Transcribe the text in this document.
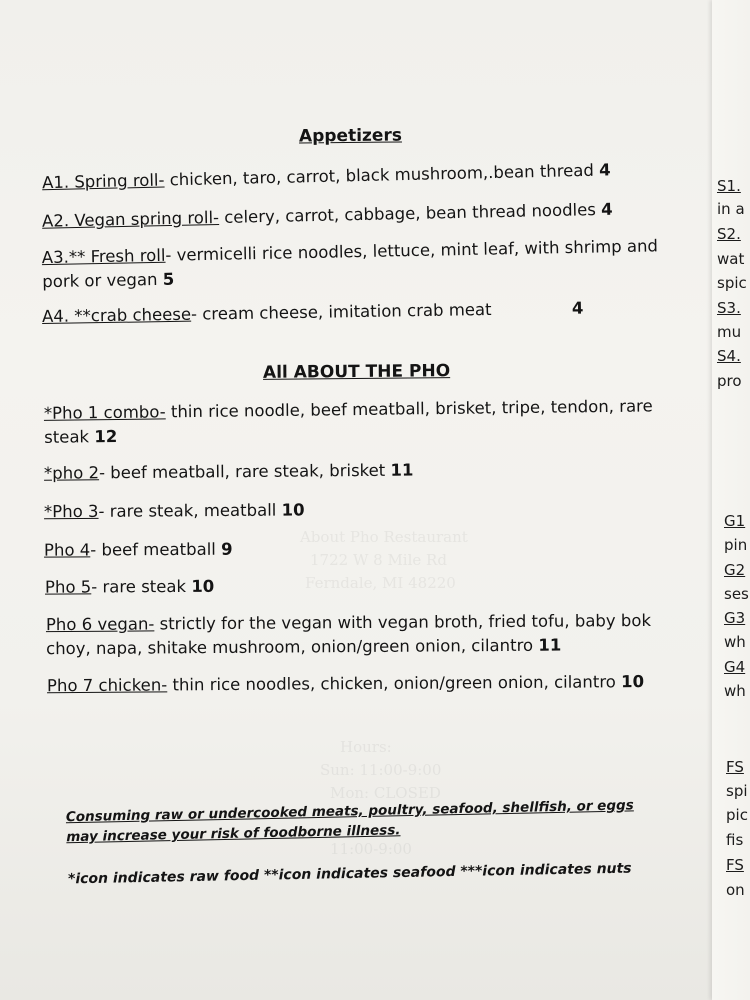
About Pho Restaurant
1722 W 8 Mile Rd
Ferndale, MI 48220
Hours:
Sun: 11:00-9:00
Mon: CLOSED
11:00-9:00
Appetizers
A1. Spring roll- chicken, taro, carrot, black mushroom,.bean thread 4
A2. Vegan spring roll- celery, carrot, cabbage, bean thread noodles 4
A3.** Fresh roll- vermicelli rice noodles, lettuce, mint leaf, with shrimp and pork or vegan 5
A4. **crab cheese- cream cheese, imitation crab meat	4
All ABOUT THE PHO
*Pho 1 combo- thin rice noodle, beef meatball, brisket, tripe, tendon, rare steak 12
*pho 2- beef meatball, rare steak, brisket 11
*Pho 3- rare steak, meatball 10
Pho 4- beef meatball 9
Pho 5- rare steak 10
Pho 6 vegan- strictly for the vegan with vegan broth, fried tofu, baby bok choy, napa, shitake mushroom, onion/green onion, cilantro 11
Pho 7 chicken- thin rice noodles, chicken, onion/green onion, cilantro 10
Consuming raw or undercooked meats, poultry, seafood, shellfish, or eggs may increase your risk of foodborne illness.
*icon indicates raw food **icon indicates seafood ***icon indicates nuts
S1.
in a
S2.
wat
spic
S3.
mu
S4.
pro
G1
pin
G2
ses
G3
wh
G4
wh
FS
spi
pic
fis
FS
on
